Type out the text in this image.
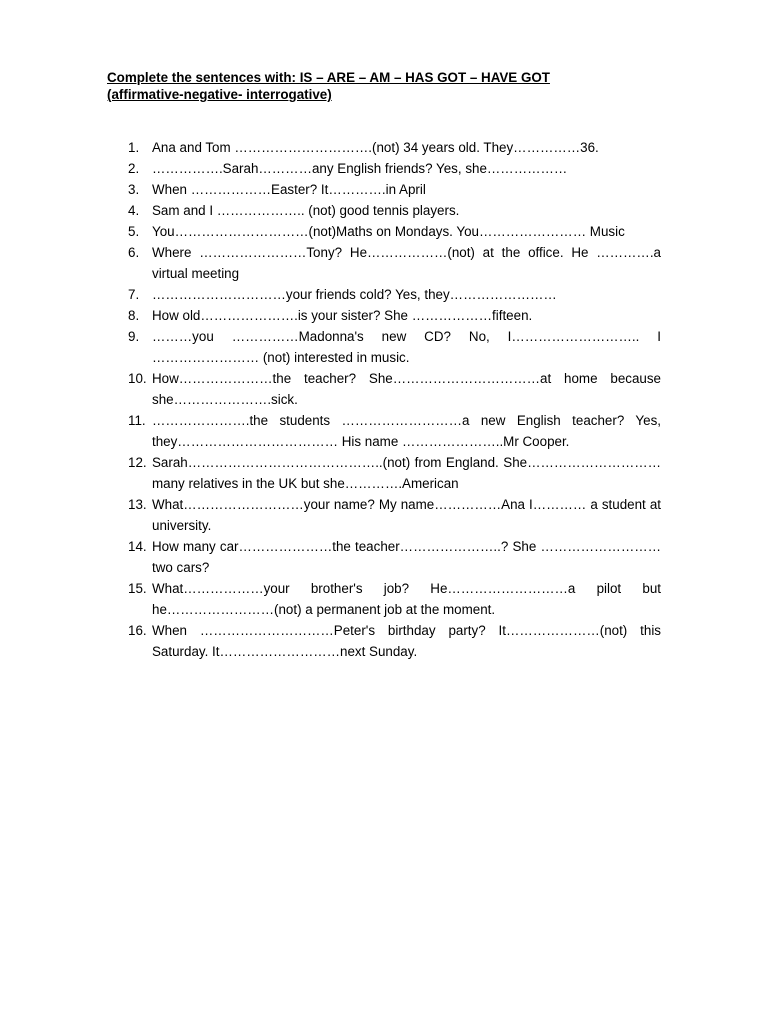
Complete the sentences with: IS – ARE – AM – HAS GOT – HAVE GOT
(affirmative-negative- interrogative)
1. Ana and Tom ………………………….(not) 34 years old. They……………36.
2. …………….Sarah…………any English friends? Yes, she………………
3. When ………………Easter? It………….in April
4. Sam and I ……………….. (not) good tennis players.
5. You…………………………(not)Maths on Mondays. You…………………… Music
6. Where ……………………Tony? He………………(not) at the office. He ………….a virtual meeting
7. …………………………your friends cold? Yes, they……………………
8. How old………………….is your sister? She ………………fifteen.
9. ………you ……………Madonna's new CD? No, I……………………….. I …………………… (not) interested in music.
10. How…………………the teacher? She……………………………at home because she………………….sick.
11. ………………….the students ………………………a new English teacher? Yes, they……………………………… His name …………………..Mr Cooper.
12. Sarah……………………………………..(not) from England. She…………………………many relatives in the UK but she………….American
13. What………………………your name? My name……………Ana I………… a student at university.
14. How many car…………………the teacher…………………..? She ………………………two cars?
15. What………………your brother's job? He………………………a pilot but he……………………(not) a permanent job at the moment.
16. When …………………………Peter's birthday party? It…………………(not) this Saturday. It………………………next Sunday.
